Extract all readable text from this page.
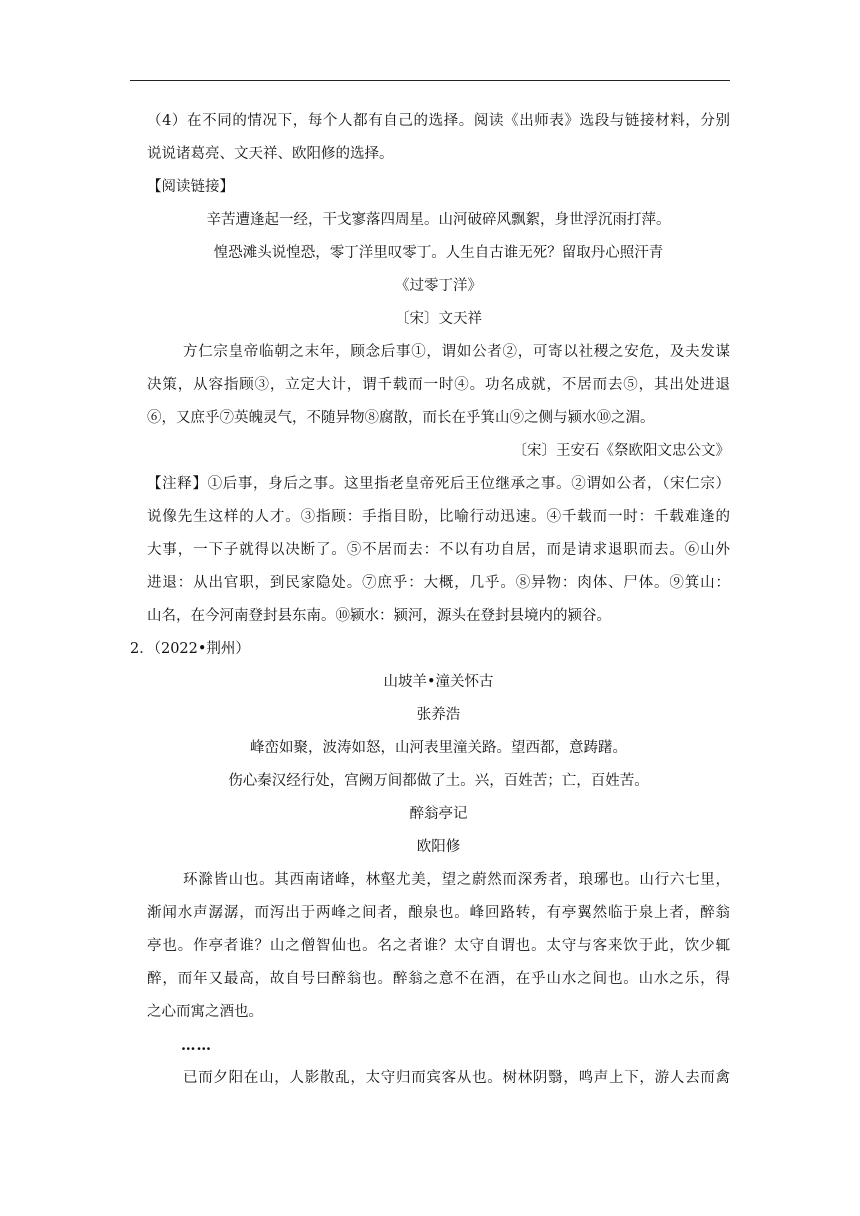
（4）在不同的情况下，每个人都有自己的选择。阅读《出师表》选段与链接材料，分别
说说诸葛亮、文天祥、欧阳修的选择。
【阅读链接】
辛苦遭逢起一经，干戈寥落四周星。山河破碎风飘絮，身世浮沉雨打萍。
惶恐滩头说惶恐，零丁洋里叹零丁。人生自古谁无死？留取丹心照汗青
《过零丁洋》
〔宋〕文天祥
方仁宗皇帝临朝之末年，顾念后事①，谓如公者②，可寄以社稷之安危，及夫发谋
决策，从容指顾③，立定大计，谓千载而一时④。功名成就，不居而去⑤，其出处进退
⑥，又庶乎⑦英魄灵气，不随异物⑧腐散，而长在乎箕山⑨之侧与颍水⑩之湄。
〔宋〕王安石《祭欧阳文忠公文》
【注释】①后事，身后之事。这里指老皇帝死后王位继承之事。②谓如公者，（宋仁宗）
说像先生这样的人才。③指顾：手指目盼，比喻行动迅速。④千载而一时：千载难逢的
大事，一下子就得以决断了。⑤不居而去：不以有功自居，而是请求退职而去。⑥山外
进退：从出官职，到民家隐处。⑦庶乎：大概，几乎。⑧异物：肉体、尸体。⑨箕山：
山名，在今河南登封县东南。⑩颍水：颍河，源头在登封县境内的颍谷。
2．（2022•荆州）
山坡羊•潼关怀古
张养浩
峰峦如聚，波涛如怒，山河表里潼关路。望西都，意踌躇。
伤心秦汉经行处，宫阙万间都做了土。兴，百姓苦；亡，百姓苦。
醉翁亭记
欧阳修
环滁皆山也。其西南诸峰，林壑尤美，望之蔚然而深秀者，琅琊也。山行六七里，
渐闻水声潺潺，而泻出于两峰之间者，酿泉也。峰回路转，有亭翼然临于泉上者，醉翁
亭也。作亭者谁？山之僧智仙也。名之者谁？太守自谓也。太守与客来饮于此，饮少辄
醉，而年又最高，故自号曰醉翁也。醉翁之意不在酒，在乎山水之间也。山水之乐，得
之心而寓之酒也。
……
已而夕阳在山，人影散乱，太守归而宾客从也。树林阴翳，鸣声上下，游人去而禽
